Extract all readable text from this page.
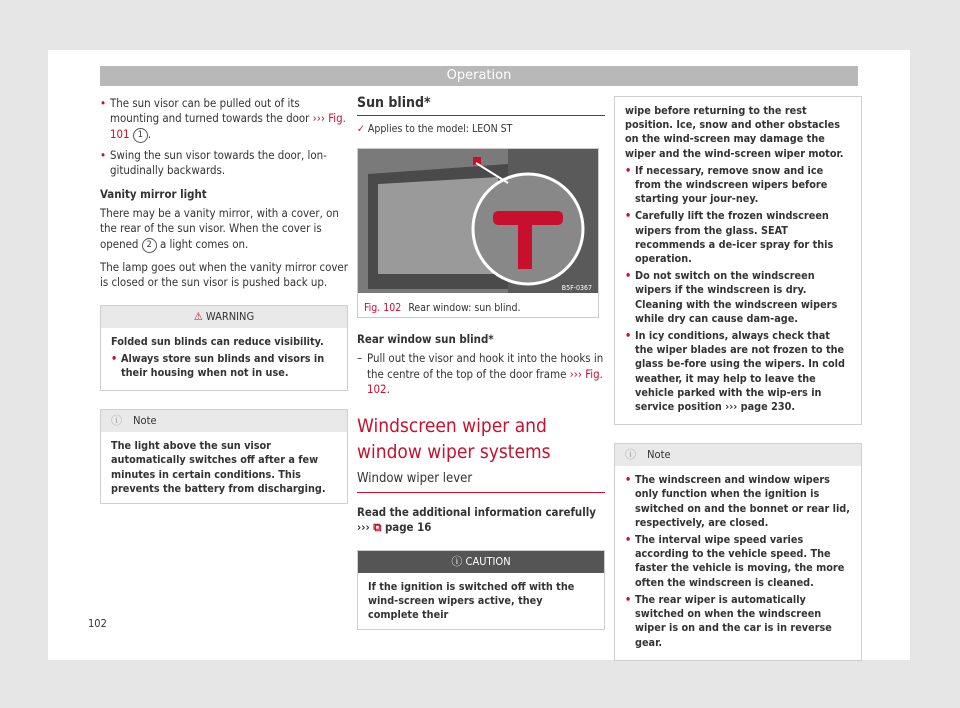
Operation
• The sun visor can be pulled out of its mounting and turned towards the door ››› Fig. 101 1 .
• Swing the sun visor towards the door, lon-gitudinally backwards.
Vanity mirror light

There may be a vanity mirror, with a cover, on the rear of the sun visor. When the cover is opened 2 a light comes on.

The lamp goes out when the vanity mirror cover is closed or the sun visor is pushed back up.

⚠ WARNING
Folded sun blinds can reduce visibility.
• Always store sun blinds and visors in their housing when not in use.
ⓘ Note
The light above the sun visor automatically switches off after a few minutes in certain conditions. This prevents the battery from discharging.
Sun blind*
✓ Applies to the model: LEON ST
B5F-0367
Fig. 102 Rear window: sun blind.
Rear window sun blind*
– Pull out the visor and hook it into the hooks in the centre of the top of the door frame ››› Fig. 102.
Windscreen wiper and window wiper systems
Window wiper lever
Read the additional information carefully
››› ⧉ page 16
ⓘ CAUTION
If the ignition is switched off with the wind-screen wipers active, they complete their
wipe before returning to the rest position. Ice, snow and other obstacles on the wind-screen may damage the wiper and the wind-screen wiper motor.
• If necessary, remove snow and ice from the windscreen wipers before starting your jour-ney.
• Carefully lift the frozen windscreen wipers from the glass. SEAT recommends a de-icer spray for this operation.
• Do not switch on the windscreen wipers if the windscreen is dry. Cleaning with the windscreen wipers while dry can cause dam-age.
• In icy conditions, always check that the wiper blades are not frozen to the glass be-fore using the wipers. In cold weather, it may help to leave the vehicle parked with the wip-ers in service position ››› page 230.
ⓘ Note
• The windscreen and window wipers only function when the ignition is switched on and the bonnet or rear lid, respectively, are closed.
• The interval wipe speed varies according to the vehicle speed. The faster the vehicle is moving, the more often the windscreen is cleaned.
• The rear wiper is automatically switched on when the windscreen wiper is on and the car is in reverse gear.
102
